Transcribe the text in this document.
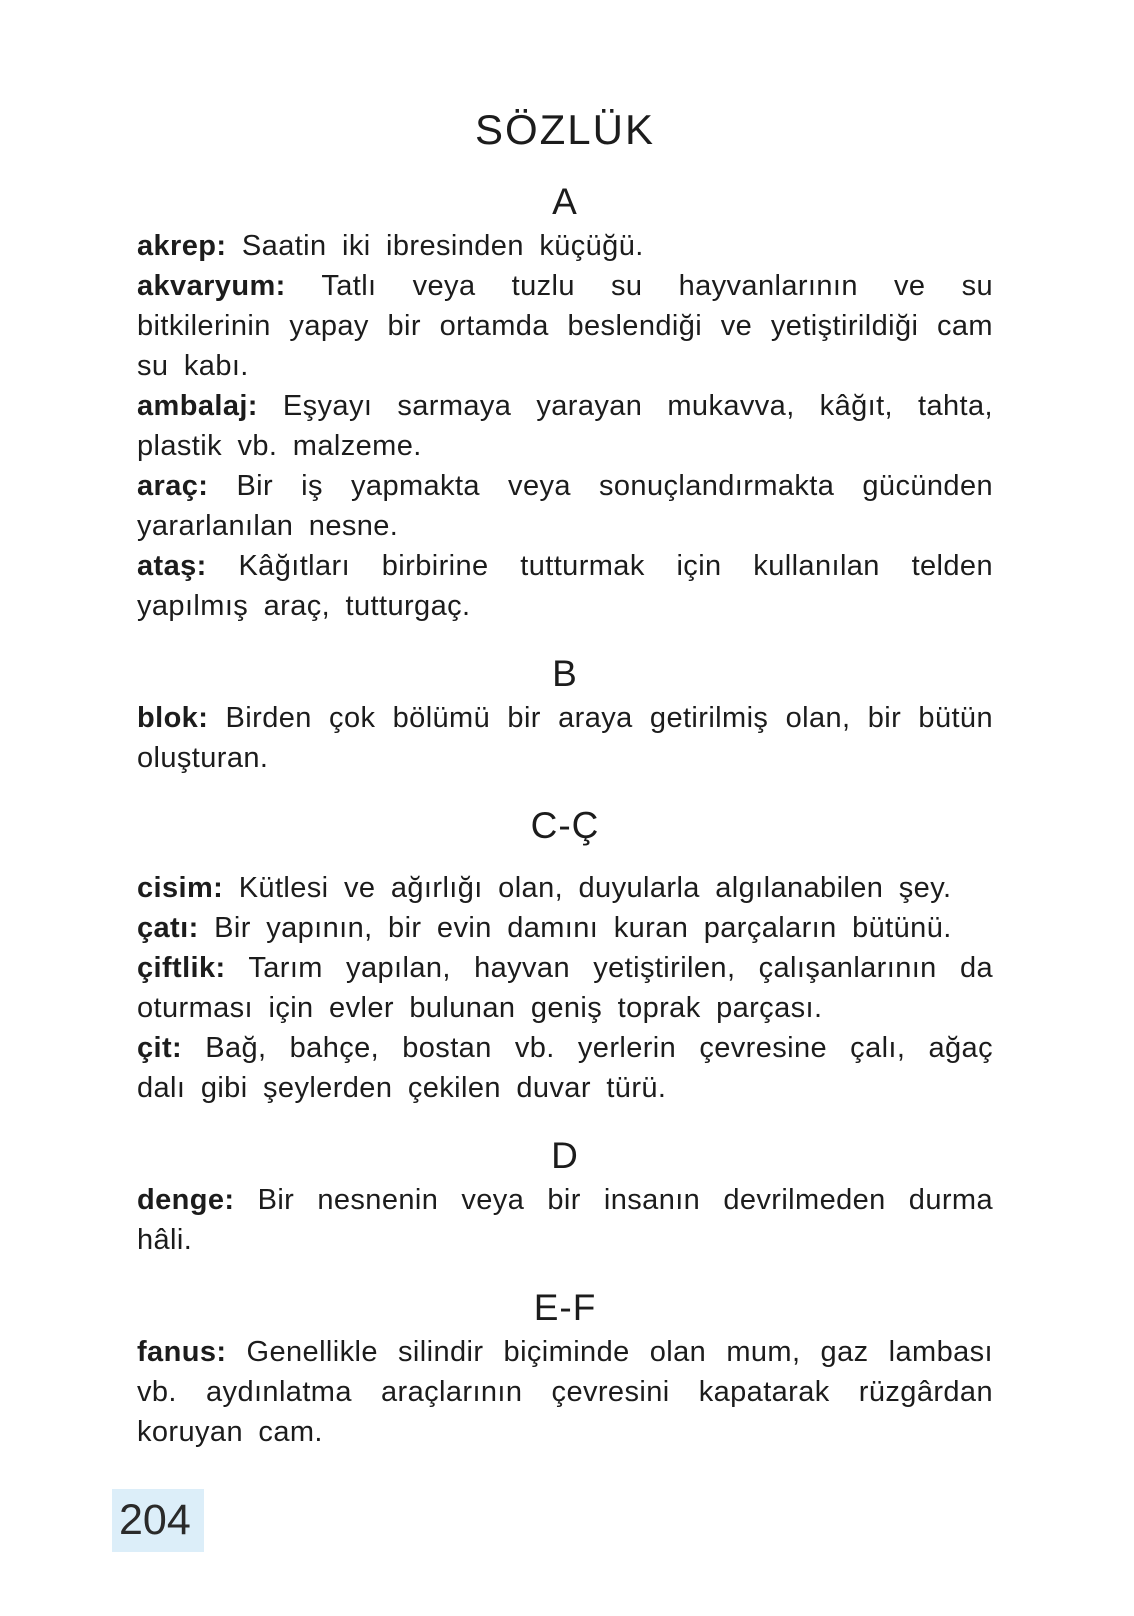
SÖZLÜK
A

akrep: Saatin iki ibresinden küçüğü.

akvaryum: Tatlı veya tuzlu su hayvanlarının ve su bitkilerinin yapay bir ortamda beslendiği ve yetiştirildiği cam su kabı.

ambalaj: Eşyayı sarmaya yarayan mukavva, kâğıt, tahta, plastik vb. malzeme.

araç: Bir iş yapmakta veya sonuçlandırmakta gücünden yararlanılan nesne.

ataş: Kâğıtları birbirine tutturmak için kullanılan telden yapılmış araç, tutturgaç.

B

blok: Birden çok bölümü bir araya getirilmiş olan, bir bütün oluşturan.

C-Ç

cisim: Kütlesi ve ağırlığı olan, duyularla algılanabilen şey.

çatı: Bir yapının, bir evin damını kuran parçaların bütünü.

çiftlik: Tarım yapılan, hayvan yetiştirilen, çalışanlarının da oturması için evler bulunan geniş toprak parçası.

çit: Bağ, bahçe, bostan vb. yerlerin çevresine çalı, ağaç dalı gibi şeylerden çekilen duvar türü.

D

denge: Bir nesnenin veya bir insanın devrilmeden durma hâli.

E-F

fanus: Genellikle silindir biçiminde olan mum, gaz lambası vb. aydınlatma araçlarının çevresini kapatarak rüzgârdan koruyan cam.

204
